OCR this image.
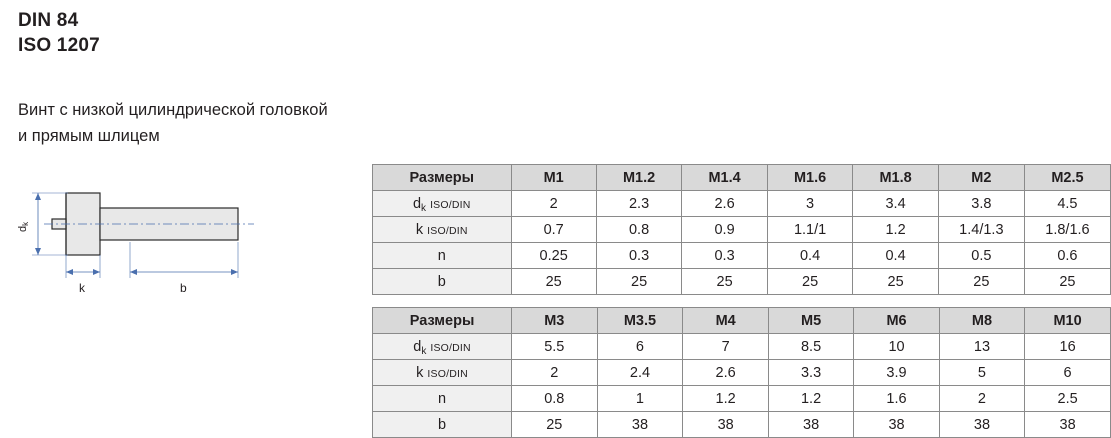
DIN 84
ISO 1207
Винт с низкой цилиндрической головкой
и прямым шлицем
dk
k	b
Размеры	M1	M1.2	M1.4	M1.6	M1.8	M2	M2.5
$d_k$ ISO/DIN	2	2.3	2.6	3	3.4	3.8	4.5
k ISO/DIN	0.7	0.8	0.9	1.1/1	1.2	1.4/1.3	1.8/1.6
n	0.25	0.3	0.3	0.4	0.4	0.5	0.6
b	25	25	25	25	25	25	25
Размеры	M3	M3.5	M4	M5	M6	M8	M10
$d_k$ ISO/DIN	5.5	6	7	8.5	10	13	16
k ISO/DIN	2	2.4	2.6	3.3	3.9	5	6
n	0.8	1	1.2	1.2	1.6	2	2.5
b	25	38	38	38	38	38	38
